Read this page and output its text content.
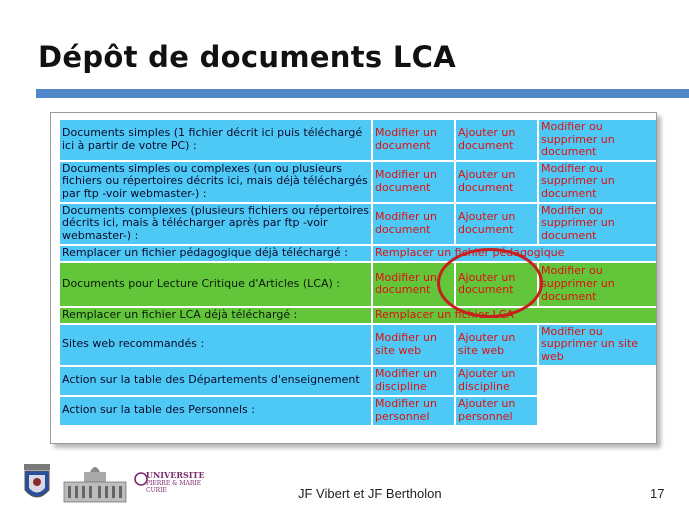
Dépôt de documents LCA
Documents simples (1 fichier décrit ici puis téléchargé ici à partir de votre PC) :	Modifier un document	Ajouter un document	Modifier ou supprimer un document
Documents simples ou complexes (un ou plusieurs fichiers ou répertoires décrits ici, mais déjà téléchargés par ftp -voir webmaster-) :	Modifier un document	Ajouter un document	Modifier ou supprimer un document
Documents complexes (plusieurs fichiers ou répertoires décrits ici, mais à télécharger après par ftp -voir webmaster-) :	Modifier un document	Ajouter un document	Modifier ou supprimer un document
Remplacer un fichier pédagogique déjà téléchargé :	Remplacer un fichier pédagogique		
Documents pour Lecture Critique d'Articles (LCA) :	Modifier un document	Ajouter un document	Modifier ou supprimer un document
Remplacer un fichier LCA déjà téléchargé :	Remplacer un fichier LCA		
Sites web recommandés :	Modifier un site web	Ajouter un site web	Modifier ou supprimer un site web
Action sur la table des Départements d'enseignement	Modifier un discipline	Ajouter un discipline	
Action sur la table des Personnels :	Modifier un personnel	Ajouter un personnel	
UNIVERSITE
PIERRE & MARIE CURIE	JF Vibert et JF Bertholon	17
